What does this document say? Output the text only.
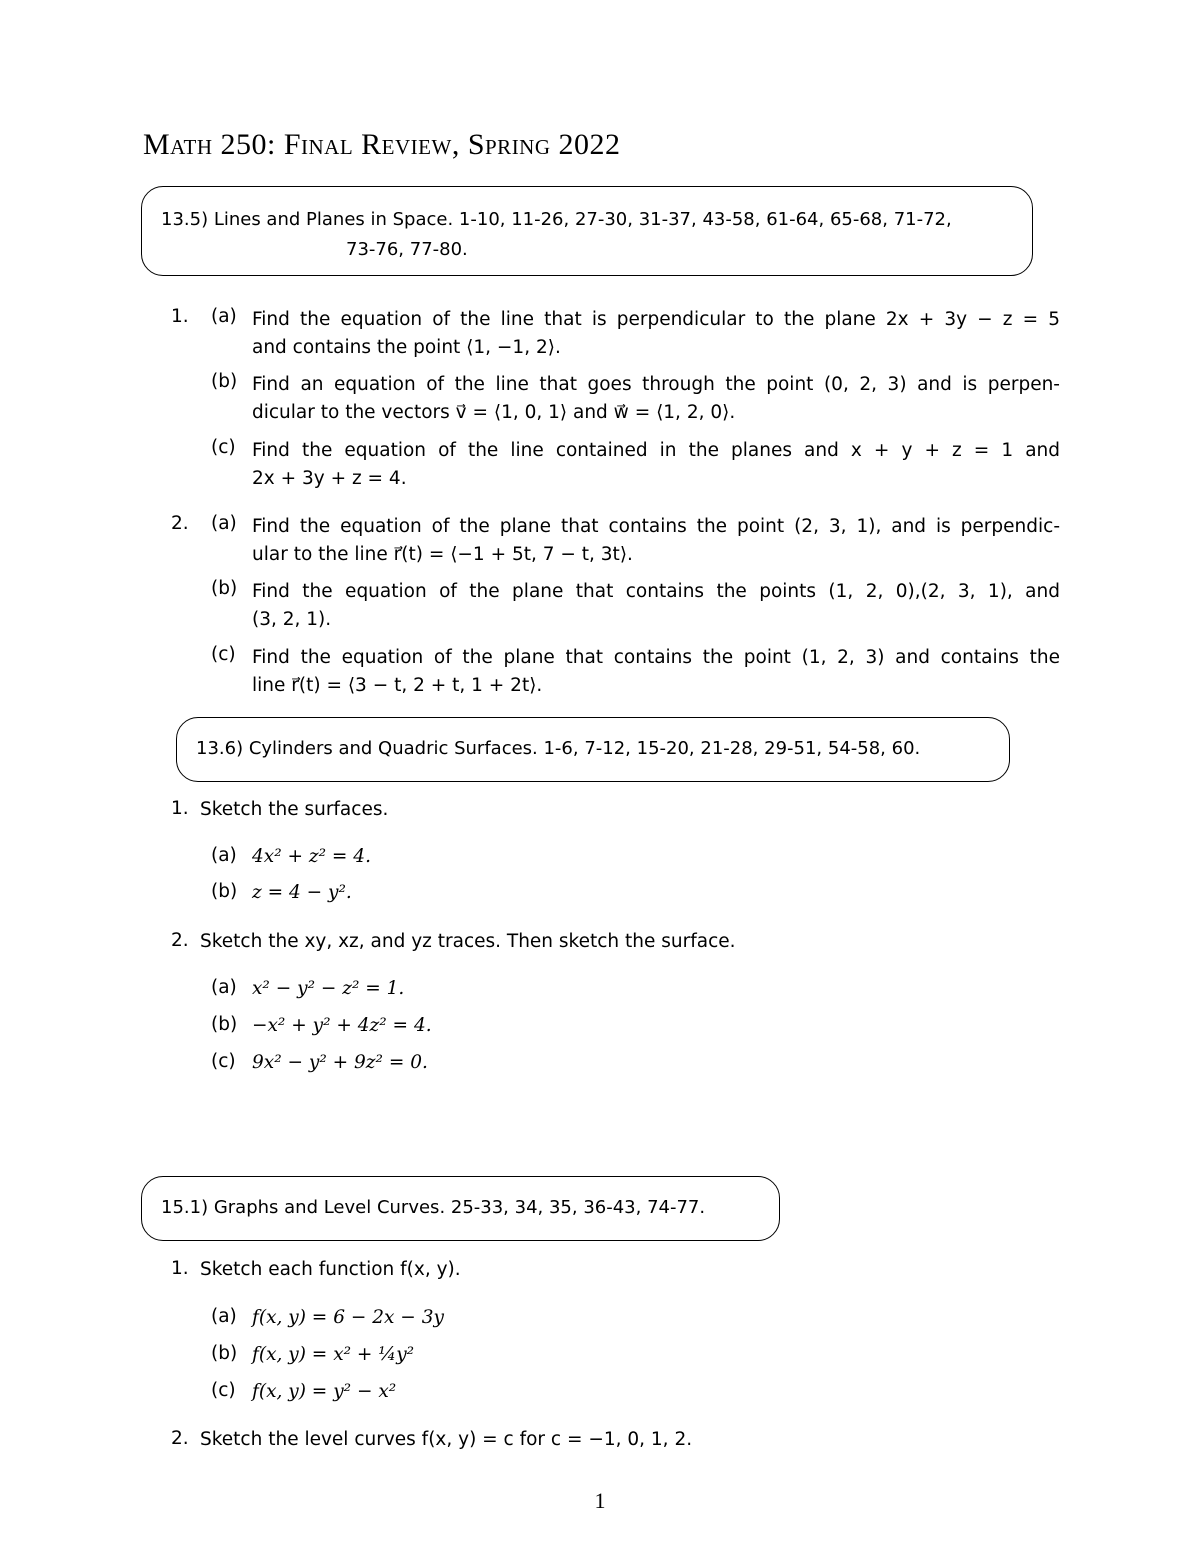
Math 250: Final Review, Spring 2022
13.5) Lines and Planes in Space. 1-10, 11-26, 27-30, 31-37, 43-58, 61-64, 65-68, 71-72,
73-76, 77-80.
1. (a) Find the equation of the line that is perpendicular to the plane 2x + 3y − z = 5
and contains the point ⟨1, −1, 2⟩.
(b) Find an equation of the line that goes through the point (0, 2, 3) and is perpen-
dicular to the vectors v⃗ = ⟨1, 0, 1⟩ and w⃗ = ⟨1, 2, 0⟩.
(c) Find the equation of the line contained in the planes and x + y + z = 1 and
2x + 3y + z = 4.
2. (a) Find the equation of the plane that contains the point (2, 3, 1), and is perpendic-
ular to the line r⃗(t) = ⟨−1 + 5t, 7 − t, 3t⟩.
(b) Find the equation of the plane that contains the points (1, 2, 0),(2, 3, 1), and
(3, 2, 1).
(c) Find the equation of the plane that contains the point (1, 2, 3) and contains the
line r⃗(t) = ⟨3 − t, 2 + t, 1 + 2t⟩.
13.6) Cylinders and Quadric Surfaces. 1-6, 7-12, 15-20, 21-28, 29-51, 54-58, 60.
1. Sketch the surfaces.
(a) 4x² + z² = 4.
(b) z = 4 − y².
2. Sketch the xy, xz, and yz traces. Then sketch the surface.
(a) x² − y² − z² = 1.
(b) −x² + y² + 4z² = 4.
(c) 9x² − y² + 9z² = 0.
15.1) Graphs and Level Curves. 25-33, 34, 35, 36-43, 74-77.
1. Sketch each function f(x, y).
(a) f(x, y) = 6 − 2x − 3y
(b) f(x, y) = x² + ¼y²
(c) f(x, y) = y² − x²
2. Sketch the level curves f(x, y) = c for c = −1, 0, 1, 2.
1
